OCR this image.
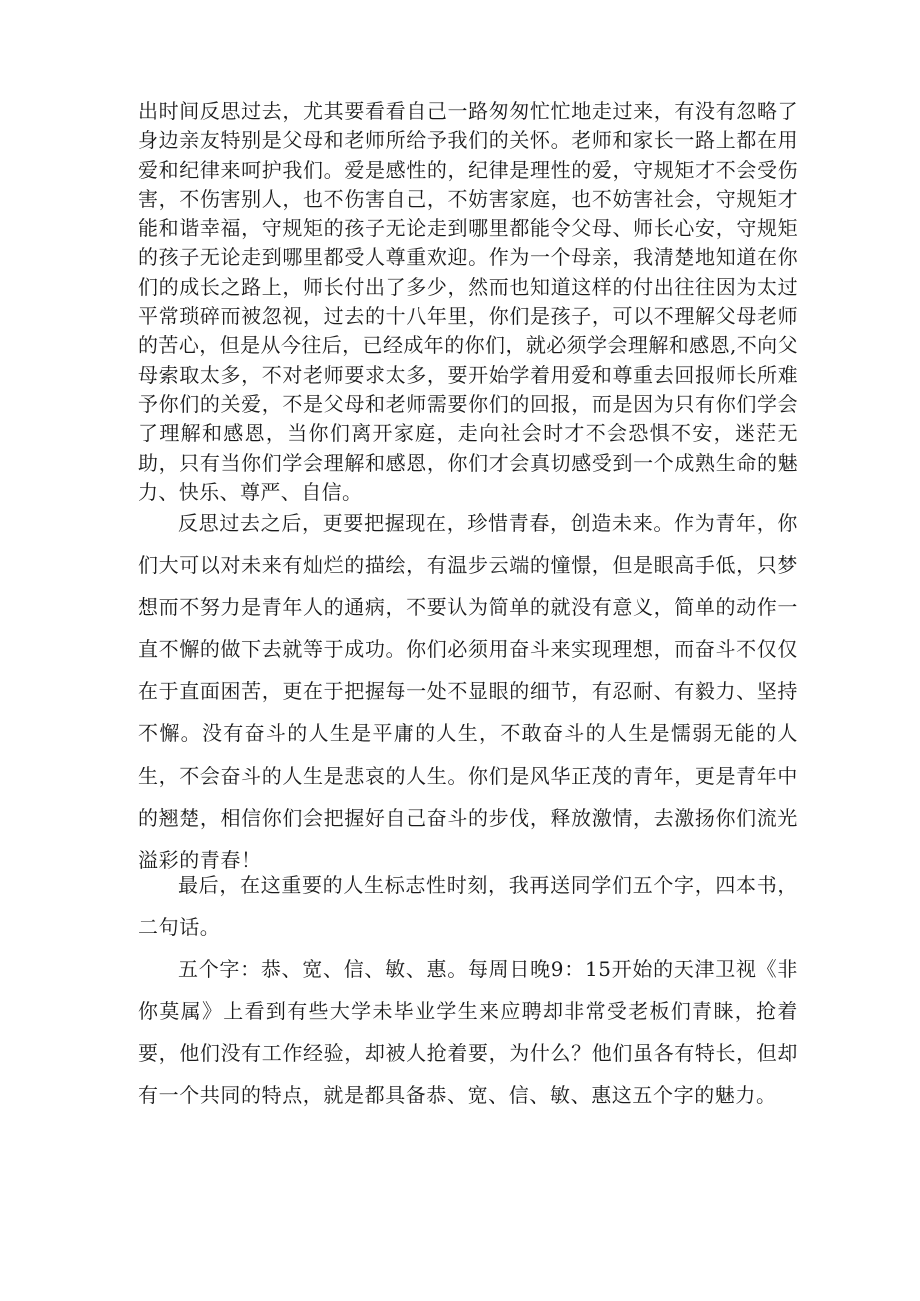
出时间反思过去，尤其要看看自己一路匆匆忙忙地走过来，有没有忽略了身边亲友特别是父母和老师所给予我们的关怀。老师和家长一路上都在用爱和纪律来呵护我们。爱是感性的，纪律是理性的爱，守规矩才不会受伤害，不伤害别人，也不伤害自己，不妨害家庭，也不妨害社会，守规矩才能和谐幸福，守规矩的孩子无论走到哪里都能令父母、师长心安，守规矩的孩子无论走到哪里都受人尊重欢迎。作为一个母亲，我清楚地知道在你们的成长之路上，师长付出了多少，然而也知道这样的付出往往因为太过平常琐碎而被忽视，过去的十八年里，你们是孩子，可以不理解父母老师的苦心，但是从今往后，已经成年的你们，就必须学会理解和感恩,不向父母索取太多，不对老师要求太多，要开始学着用爱和尊重去回报师长所难予你们的关爱，不是父母和老师需要你们的回报，而是因为只有你们学会了理解和感恩，当你们离开家庭，走向社会时才不会恐惧不安，迷茫无助，只有当你们学会理解和感恩，你们才会真切感受到一个成熟生命的魅力、快乐、尊严、自信。

反思过去之后，更要把握现在，珍惜青春，创造未来。作为青年，你们大可以对未来有灿烂的描绘，有温步云端的憧憬，但是眼高手低，只梦想而不努力是青年人的通病，不要认为简单的就没有意义，简单的动作一直不懈的做下去就等于成功。你们必须用奋斗来实现理想，而奋斗不仅仅在于直面困苦，更在于把握每一处不显眼的细节，有忍耐、有毅力、坚持不懈。没有奋斗的人生是平庸的人生，不敢奋斗的人生是懦弱无能的人生，不会奋斗的人生是悲哀的人生。你们是风华正茂的青年，更是青年中的翘楚，相信你们会把握好自己奋斗的步伐，释放激情，去激扬你们流光溢彩的青春！

最后，在这重要的人生标志性时刻，我再送同学们五个字，四本书，二句话。

五个字：恭、宽、信、敏、惠。每周日晚9：15开始的天津卫视《非你莫属》上看到有些大学未毕业学生来应聘却非常受老板们青睐，抢着要，他们没有工作经验，却被人抢着要，为什么？他们虽各有特长，但却有一个共同的特点，就是都具备恭、宽、信、敏、惠这五个字的魅力。
